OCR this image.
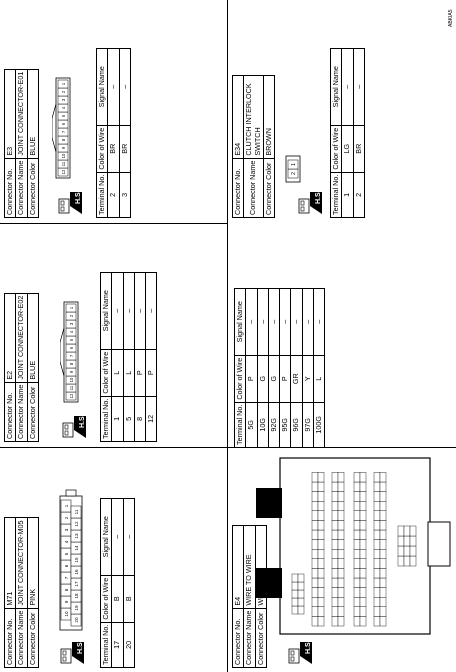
Connector No.	M71
Connector Name	JOINT CONNECTOR-M05
Connector Color	PINK
H.S.
10
9
8
7
6
5
4
3
2
1
20
19
18
17
16
15
14
13
12
11
Terminal No.	Color of Wire	Signal Name
17	B	–
20	B	–
Connector No.	E2
Connector Name	JOINT CONNECTOR-E02
Connector Color	BLUE
H.S.
12
11
10
9
8
7
6
5
4
3
2
1
Terminal No.	Color of Wire	Signal Name
1	L	–
5	L	–
8	P	–
12	P	–
Connector No.	E3
Connector Name	JOINT CONNECTOR-E01
Connector Color	BLUE
H.S.
12
11
10
9
8
7
6
5
4
3
2
1
Terminal No.	Color of Wire	Signal Name
2	BR	–
3	BR	–
Connector No.	E4
Connector Name	WIRE TO WIRE
Connector Color		H.S.
Terminal No.	Color of Wire	Signal Name
5G	P	–
10G	G	–
92G	G	–
95G	P	–
96G	GR	–
97G	Y	–
100G	L	–
Connector No.	E34
Connector Name	CLUTCH INTERLOCK SWITCH
Connector Color	BROWN
H.S.
2
1
Terminal No.	Color of Wire	Signal Name
1	LG	–
2	BR	–
ABKIA5
